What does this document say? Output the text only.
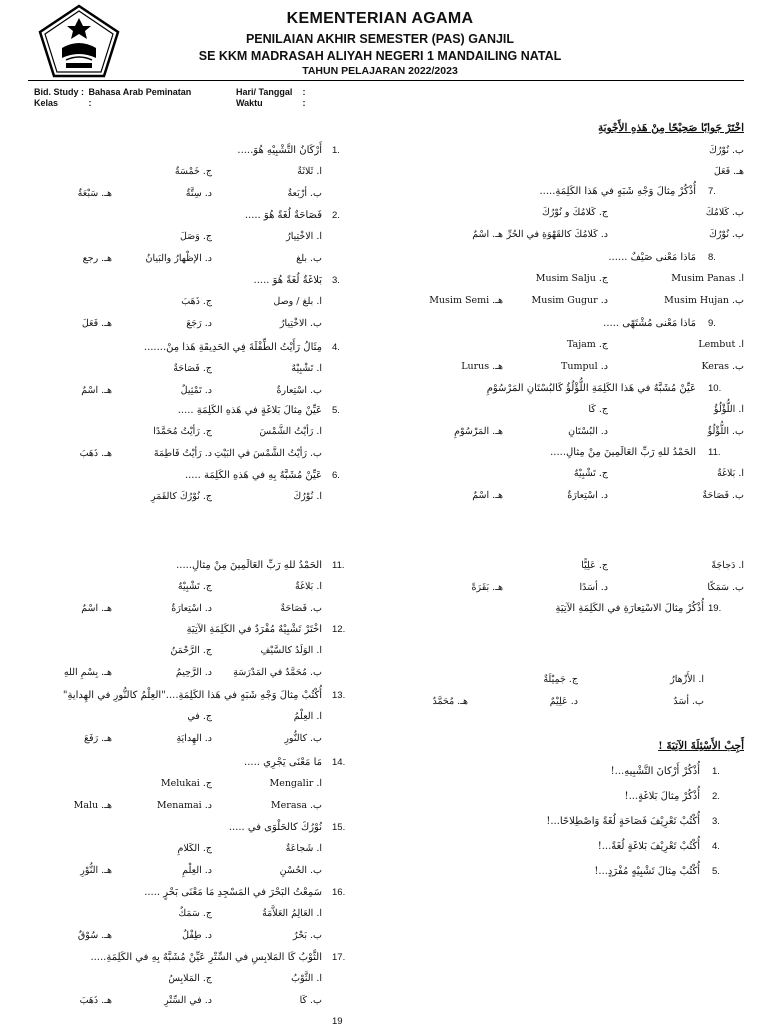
KEMENTERIAN AGAMA
PENILAIAN AKHIR SEMESTER (PAS) GANJIL
SE KKM MADRASAH ALIYAH NEGERI 1 MANDAILING NATAL
TAHUN PELAJARAN 2022/2023
Bid. Study : Bahasa Arab Peminatan
Kelas	:
Hari/ Tanggal :
Waktu	:
اخْتَرْ جَوابًا صَحِيْحًا مِنْ هَذهِ الأَجْوبَةِ
أَجِبْ الأَسْئِلَةَ الآتِيَةَ !
1.
أَرْكَانُ التَّشْبِيْهِ هُوَ.....
ا. ثَلاثَةٌ
ج. خَمْسَةٌ
ب. أرْبَعةٌ
د. سِتَّةٌ
هـ. سَبْعَةٌ
2.
فَصَاحَةٌ لُغَةً هُوَ .....
ا. الاخْتِيارُ
ج. وَصَلَ
ب. بلغ
د. الإظْهارُ والبَيانُ
هـ. رجع
3.
بَلاغَةٌ لُغَةً هُوَ .....
ا. بلغ / وصل
ج. ذَهَبَ
ب. الاخْتِيارُ
د. رَجَعَ
هـ. فَعَلَ
4.
مِثَالُ رَأَيْتُ الطِّفْلَةَ فِي الحَدِيقَةِ هَذا مِنْ.......
ا. تَشْبِيْهٌ
ج. فَصَاحَةٌ
ب. اسْتِعارةٌ
د. تَمْثِيلٌ
هـ. اسْمٌ
5.
عَيِّنْ مِثالَ بَلاغَةٍ في هَذهِ الكَلِمَةِ .....
ا. رَأيْتُ الشَّمْسَ
ج. رَأيْتُ مُحَمَّدًا
ب. رَأيْتُ الشَّمْسَ في البَيْتِ
د. رَأيْتُ فَاطِمَةَ
هـ. ذَهَبَ
6.
عَيِّنْ مُشَبَّهٌ بِهِ في هَذهِ الكَلِمَة .....
ا. نُوْرُكَ
ج. نُوْرُكَ كالقَمَرِ
11.
الحَمْدُ للهِ رَبِّ العَالَمِينَ مِنْ مِثالِ.....
ا. بَلاغَةٌ
ج. تَشْبِيْهٌ
ب. فَصَاحَةٌ
د. اسْتِعارَةٌ
هـ. اسْمٌ
12.
اخْتَرْ تَشْبِيْهٌ مُفْرَدٌ في الكَلِمَةِ الآتِيَةِ
ا. الوَلَدُ كالسَّيْفِ
ج. الرَّحْمَنُ
ب. مُحَمَّدٌ في المَدْرَسَةِ
د. الرَّحِيمُ
هـ. بِسْمِ اللهِ
13.
أُكْتُبْ مِثالَ وَجْهِ شَبَهٍ في هَذا الكَلِمَةِ...."العِلْمُ كالنُّورِ في الهِدايةِ"
ا. العِلْمُ
ج. في
ب. كالنُّورِ
د. الهِدايَةِ
هـ. رَفَعَ
14.
مَا مَعْنَى يَجْرِي .....
ا. Mengalir
ج. Melukai
ب. Merasa
د. Menamai
هـ. Malu
15.
نُوْرُكَ كالحَلْوَى في .....
ا. شَجاعَةٌ
ج. الكَلامِ
ب. الحُسْنِ
د. العِلْمِ
هـ. النُّوْرِ
16.
سَمِعْتُ البَحْرَ في المَسْجِدِ مَا مَعْنَى بَحْرٍ .....
ا. العَالِمُ العَلاَّمَةُ
ج. سَمَكٌ
ب. بَحْرٌ
د. طِفْلٌ
هـ. سُوْقٌ
17.
الثَّوْبُ كَا المَلابِسِ في السِّتْرِ عَيِّنْ مُشَبَّهٌ بِهِ في الكَلِمَةِ.....
ا. الثَّوْبُ
ج. المَلابِسُ
ب. كَا
د. في السِّتْرِ
هـ. ذَهَبَ
ب. نُوْرُكَ
هـ. فَعَلَ
7.
أُذْكُرْ مِثالَ وَجْهِ شَبَهٍ في هَذا الكَلِمَةِ.....
ب. كَلامُكَ
ج. كَلامُكَ و نُوْرُكَ
ب. نُوْرُكَ
د. كَلامُكَ كالقَهْوَةِ في الحُرِّ
هـ. اسْمٌ
8.
مَاذا مَعْنى صَيْفٌ ......
ا. Musim Panas
ج. Musim Salju
ب. Musim Hujan
د. Musim Gugur
هـ. Musim Semi
9.
مَاذا مَعْنى مُشْتَهًى .....
ا. Lembut
ج. Tajam
ب. Keras
د. Tumpul
هـ. Lurus
10.
عَيِّنْ مُشَبَّهٌ في هَذا الكَلِمَةِ اللُّؤْلُؤُ كَالبُسْتَانِ المَرْسُوْمِ
ا. اللُّؤْلُؤُ
ج. كَا
ب. اللُّؤْلُؤُ
د. البُسْتَانِ
هـ. المَرْسُوْمِ
11.
الحَمْدُ للهِ رَبِّ العَالَمِينَ مِنْ مِثالِ.....
ا. بَلاغَةٌ
ج. تَشْبِيْهٌ
ب. فَصَاحَةٌ
د. اسْتِعارَةٌ
هـ. اسْمٌ
ا. دَجاجَةً
ج. عَلِيًّا
ب. سَمَكًا
د. أسَدًا
هـ. بَقَرَةً
19.
أُذْكُرْ مِثالَ الاسْتِعارَةِ في الكَلِمَةِ الآتِيَةِ
ا. الأَزْهارُ
ج. جَمِيْلَةٌ
ب. أسَدٌ
د. عَلِيْمٌ
هـ. مُحَمَّدٌ
1.
أُذْكُرْ أَرْكانَ التَّشْبِيهِ...!
2.
أُذْكُرْ مِثالَ بَلاغَةٍ...!
3.
أُكْتُبْ تَعْرِيْفَ فَصَاحَةٍ لُغَةً وَاصْطِلاحًا...!
4.
أُكْتُبْ تَعْرِيْفَ بَلاغَةٍ لُغَةً...!
5.
أُكْتُبْ مِثالَ تَشْبِيْهٍ مُفْرَدٍ...!
19
